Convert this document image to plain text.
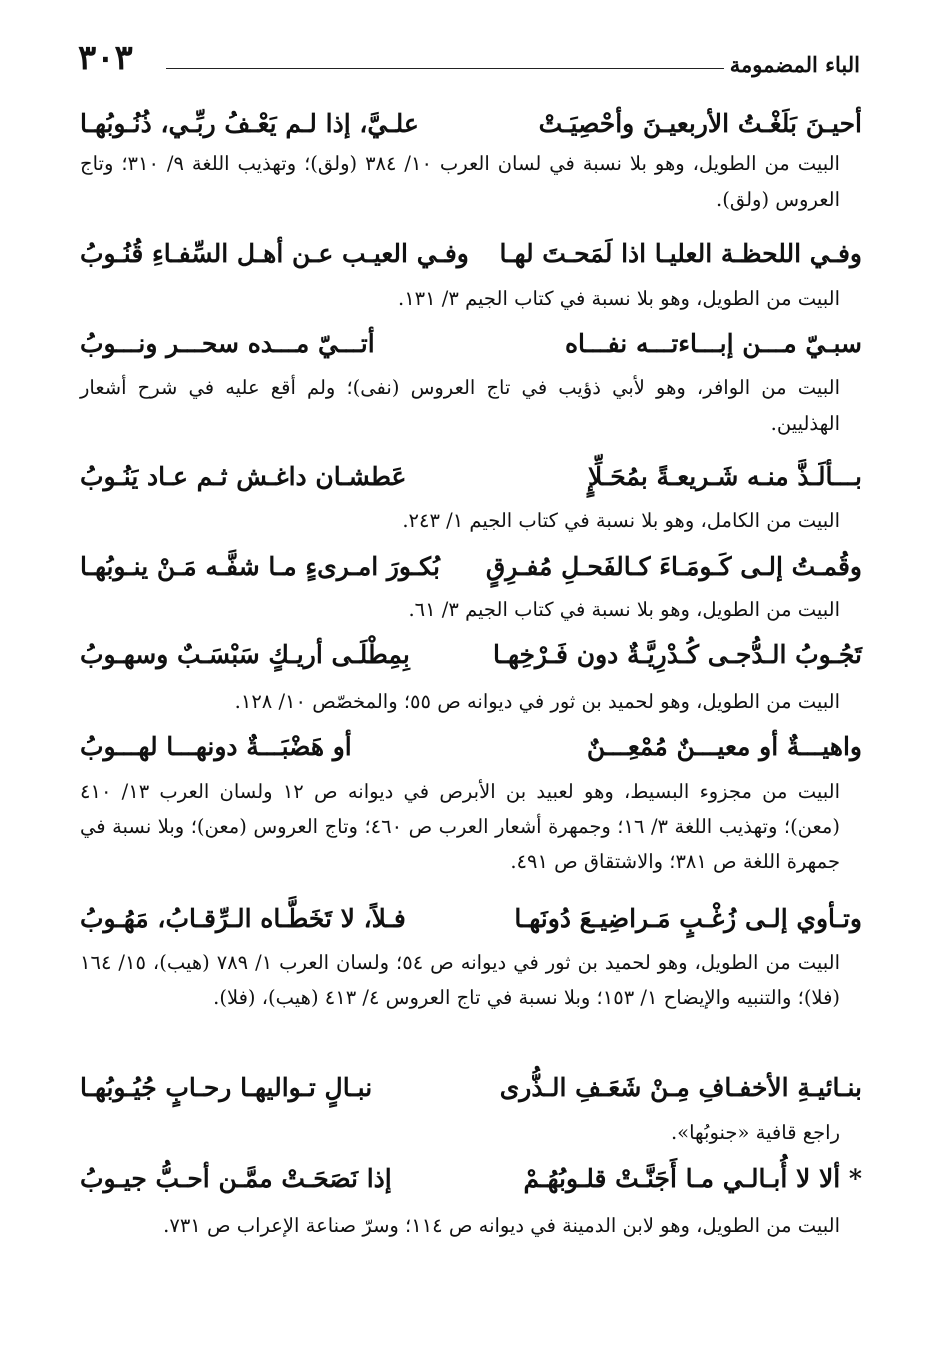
الباء المضمومة
٣٠٣
أحيـنَ بَلَغْـتُ الأربعيـنَ وأحْصِيَـتْ
علـيَّ، إذا لـم يَعْـفُ ربِّـي، ذُنُـوبُهـا
البيت من الطويل، وهو بلا نسبة في لسان العرب ١٠/ ٣٨٤ (ولق)؛ وتهذيب اللغة ٩/ ٣١٠؛ وتاج العروس (ولق).
وفـي اللحظـة العليـا اذا لَمَحـتَ لهـا
وفـي العيـب عـن أهـل السِّفـاءِ قُنُـوبُ
البيت من الطويل، وهو بلا نسبة في كتاب الجيم ٣/ ١٣١.
سبـيّ مـــن إبـــاءتـــه نفـــاه
أتـــيّ مـــده سحـــر ونـــوبُ
البيت من الوافر، وهو لأبي ذؤيب في تاج العروس (نفى)؛ ولم أقع عليه في شرح أشعار الهذليين.
بـــألَـذَّ منـه شَـريعـةً بمُحَـلِّإٍ
عَطشـان داغـش ثـم عـاد يَنُـوبُ
البيت من الكامل، وهو بلا نسبة في كتاب الجيم ١/ ٢٤٣.
وقُمـتُ إلـى كَـومَـاءَ كـالفَحـلِ مُفـرِقٍ
بُكـورَ امـرىءٍ مـا شفَّـه مَـنْ ينـوبُهـا
البيت من الطويل، وهو بلا نسبة في كتاب الجيم ٣/ ٦١.
تَجُـوبُ الـدُّجـى كُـدْرِيَّـةٌ دون فَـرْخِهـا
بِمِطْلَـى أريـكٍ سَبْسَـبٌ وسهـوبُ
البيت من الطويل، وهو لحميد بن ثور في ديوانه ص ٥٥؛ والمخصّص ١٠/ ١٢٨.
واهيـــةٌ أو معيـــنٌ مُمْعِـــنٌ
أو هَضْبَـــةٌ دونهـــا لهـــوبُ
البيت من مجزوء البسيط، وهو لعبيد بن الأبرص في ديوانه ص ١٢ ولسان العرب ١٣/ ٤١٠ (معن)؛ وتهذيب اللغة ٣/ ١٦؛ وجمهرة أشعار العرب ص ٤٦٠؛ وتاج العروس (معن)؛ وبلا نسبة في جمهرة اللغة ص ٣٨١؛ والاشتقاق ص ٤٩١.
وتـأوي إلـى زُغْـبٍ مَـراضِيـعَ دُونَهـا
فـلاً، لا تَخَطَّـاه الـرِّقـابُ، مَهُـوبُ
البيت من الطويل، وهو لحميد بن ثور في ديوانه ص ٥٤؛ ولسان العرب ١/ ٧٨٩ (هيب)، ١٥/ ١٦٤ (فلا)؛ والتنبيه والإيضاح ١/ ١٥٣؛ وبلا نسبة في تاج العروس ٤/ ٤١٣ (هيب)، (فلا).
بنـائيـةِ الأخفـافِ مِـنْ شَعَـفِ الـذُّرى
نبـالٍ تـواليهـا رحـابٍ جُيُـوبُهـا
راجع قافية «جنوبُها».
* ألا لا أُبـالـي مـا أَجَنَّـتْ قلـوبُهُـمْ
إذا نَصَحَـتْ ممَّـن أحـبُّ جيـوبُ
البيت من الطويل، وهو لابن الدمينة في ديوانه ص ١١٤؛ وسرّ صناعة الإعراب ص ٧٣١.
